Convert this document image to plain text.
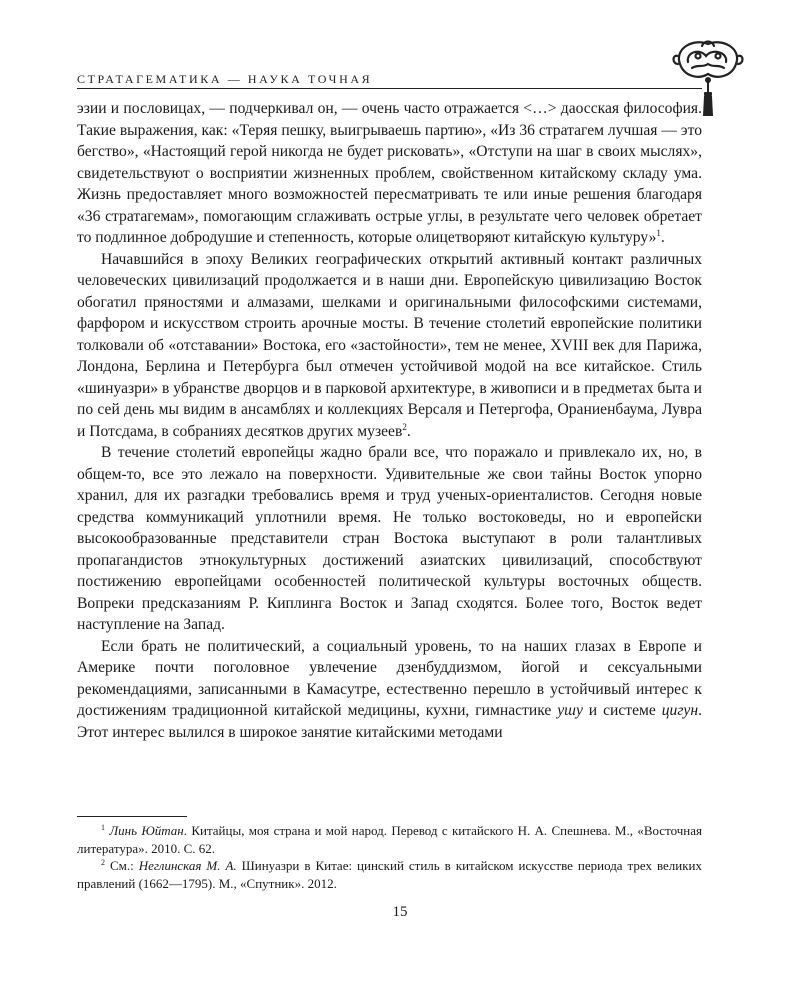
СТРАТАГЕМАТИКА — НАУКА ТОЧНАЯ

эзии и пословицах, — подчеркивал он, — очень часто отражается <…> даосская философия. Такие выражения, как: «Теряя пешку, выигрываешь партию», «Из 36 стратагем лучшая — это бегство», «Настоящий герой никогда не будет рисковать», «Отступи на шаг в своих мыслях», свидетельствуют о восприятии жизненных проблем, свойственном китайскому складу ума. Жизнь предоставляет много возможностей пересматривать те или иные решения благодаря «36 стратагемам», помогающим сглаживать острые углы, в результате чего человек обретает то подлинное добродушие и степенность, которые олицетворяют китайскую культуру»$^1$.

Начавшийся в эпоху Великих географических открытий активный контакт различных человеческих цивилизаций продолжается и в наши дни. Европейскую цивилизацию Восток обогатил пряностями и алмазами, шелками и оригинальными философскими системами, фарфором и искусством строить арочные мосты. В течение столетий европейские политики толковали об «отставании» Востока, его «застойности», тем не менее, XVIII век для Парижа, Лондона, Берлина и Петербурга был отмечен устойчивой модой на все китайское. Стиль «шинуазри» в убранстве дворцов и в парковой архитектуре, в живописи и в предметах быта и по сей день мы видим в ансамблях и коллекциях Версаля и Петергофа, Ораниенбаума, Лувра и Потсдама, в собраниях десятков других музеев$^2$.

В течение столетий европейцы жадно брали все, что поражало и привлекало их, но, в общем-то, все это лежало на поверхности. Удивительные же свои тайны Восток упорно хранил, для их разгадки требовались время и труд ученых-ориенталистов. Сегодня новые средства коммуникаций уплотнили время. Не только востоковеды, но и европейски высокообразованные представители стран Востока выступают в роли талантливых пропагандистов этнокультурных достижений азиатских цивилизаций, способствуют постижению европейцами особенностей политической культуры восточных обществ. Вопреки предсказаниям Р. Киплинга Восток и Запад сходятся. Более того, Восток ведет наступление на Запад.

Если брать не политический, а социальный уровень, то на наших глазах в Европе и Америке почти поголовное увлечение дзенбуддизмом, йогой и сексуальными рекомендациями, записанными в Камасутре, естественно перешло в устойчивый интерес к достижениям традиционной китайской медицины, кухни, гимнастике ушу и системе цигун. Этот интерес вылился в широкое занятие китайскими методами

$^1$ Линь Юйтан. Китайцы, моя страна и мой народ. Перевод с китайского Н. А. Спешнева. М., «Восточная литература». 2010. С. 62.

$^2$ См.: Неглинская М. А. Шинуазри в Китае: цинский стиль в китайском искусстве периода трех великих правлений (1662—1795). М., «Спутник». 2012.

15
